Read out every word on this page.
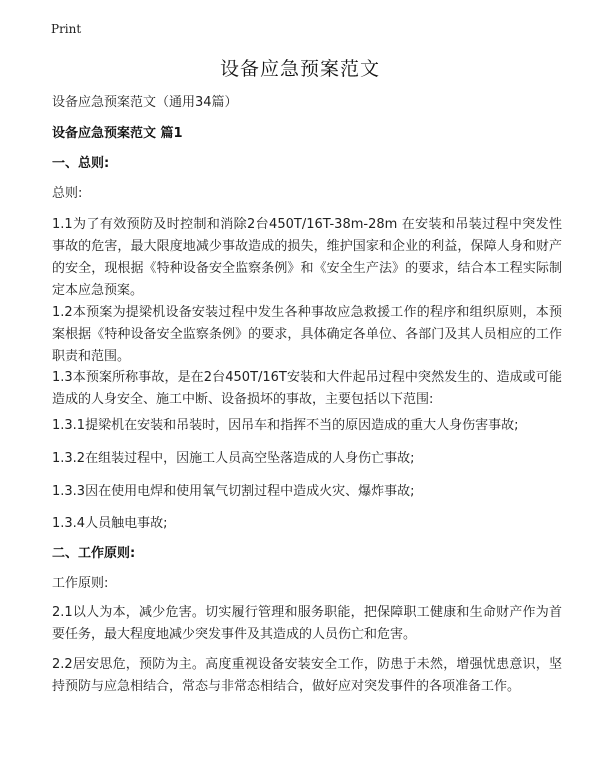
Print
设备应急预案范文
设备应急预案范文（通用34篇）
设备应急预案范文 篇1
一、总则:
总则:
1.1为了有效预防及时控制和消除2台450T/16T-38m-28m 在安装和吊装过程中突发性事故的危害，最大限度地减少事故造成的损失，维护国家和企业的利益，保障人身和财产的安全，现根据《特种设备安全监察条例》和《安全生产法》的要求，结合本工程实际制定本应急预案。
1.2本预案为提梁机设备安装过程中发生各种事故应急救援工作的程序和组织原则，本预案根据《特种设备安全监察条例》的要求，具体确定各单位、各部门及其人员相应的工作职责和范围。
1.3本预案所称事故，是在2台450T/16T安装和大件起吊过程中突然发生的、造成或可能造成的人身安全、施工中断、设备损坏的事故，主要包括以下范围:
1.3.1提梁机在安装和吊装时，因吊车和指挥不当的原因造成的重大人身伤害事故;
1.3.2在组装过程中，因施工人员高空坠落造成的人身伤亡事故;
1.3.3因在使用电焊和使用氧气切割过程中造成火灾、爆炸事故;
1.3.4人员触电事故;
二、工作原则:
工作原则:
2.1以人为本，减少危害。切实履行管理和服务职能，把保障职工健康和生命财产作为首要任务，最大程度地减少突发事件及其造成的人员伤亡和危害。
2.2居安思危，预防为主。高度重视设备安装安全工作，防患于未然，增强忧患意识，坚持预防与应急相结合，常态与非常态相结合，做好应对突发事件的各项准备工作。
